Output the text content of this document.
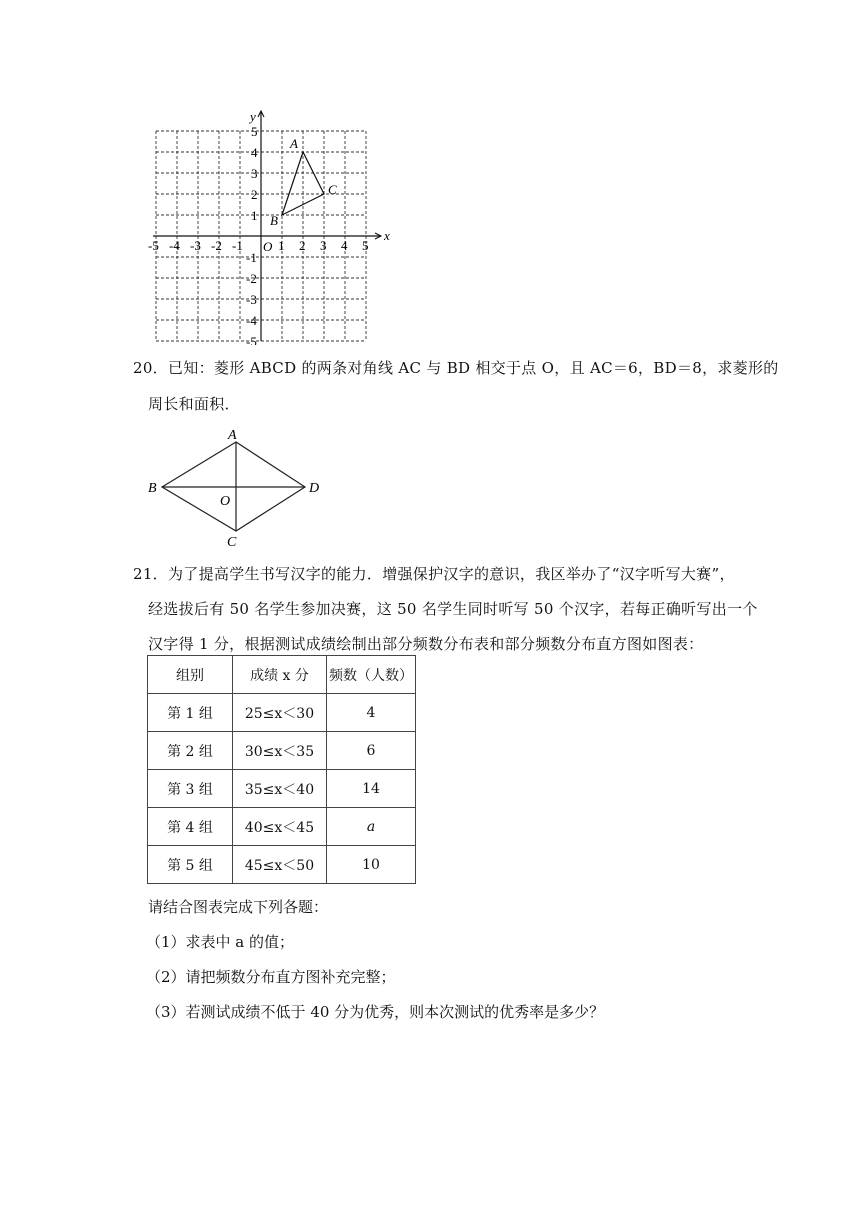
x
y
O
-5 -4 -3 -2 -1	1 2 3 4 5
5
4
3
2
1
-1
-2
-3
-4
-5
A
B
C
20．已知：菱形 ABCD 的两条对角线 AC 与 BD 相交于点 O，且 AC＝6，BD＝8，求菱形的
周长和面积．
A
B
C
D
O
21．为了提高学生书写汉字的能力．增强保护汉字的意识，我区举办了“汉字听写大赛”，
经选拔后有 50 名学生参加决赛，这 50 名学生同时听写 50 个汉字，若每正确听写出一个
汉字得 1 分，根据测试成绩绘制出部分频数分布表和部分频数分布直方图如图表：
组别	成绩 x 分	频数（人数）
第 1 组	25≤x＜30	4
第 2 组	30≤x＜35	6
第 3 组	35≤x＜40	14
第 4 组	40≤x＜45	a
第 5 组	45≤x＜50	10
请结合图表完成下列各题：
（1）求表中 a 的值；
（2）请把频数分布直方图补充完整；
（3）若测试成绩不低于 40 分为优秀，则本次测试的优秀率是多少？
